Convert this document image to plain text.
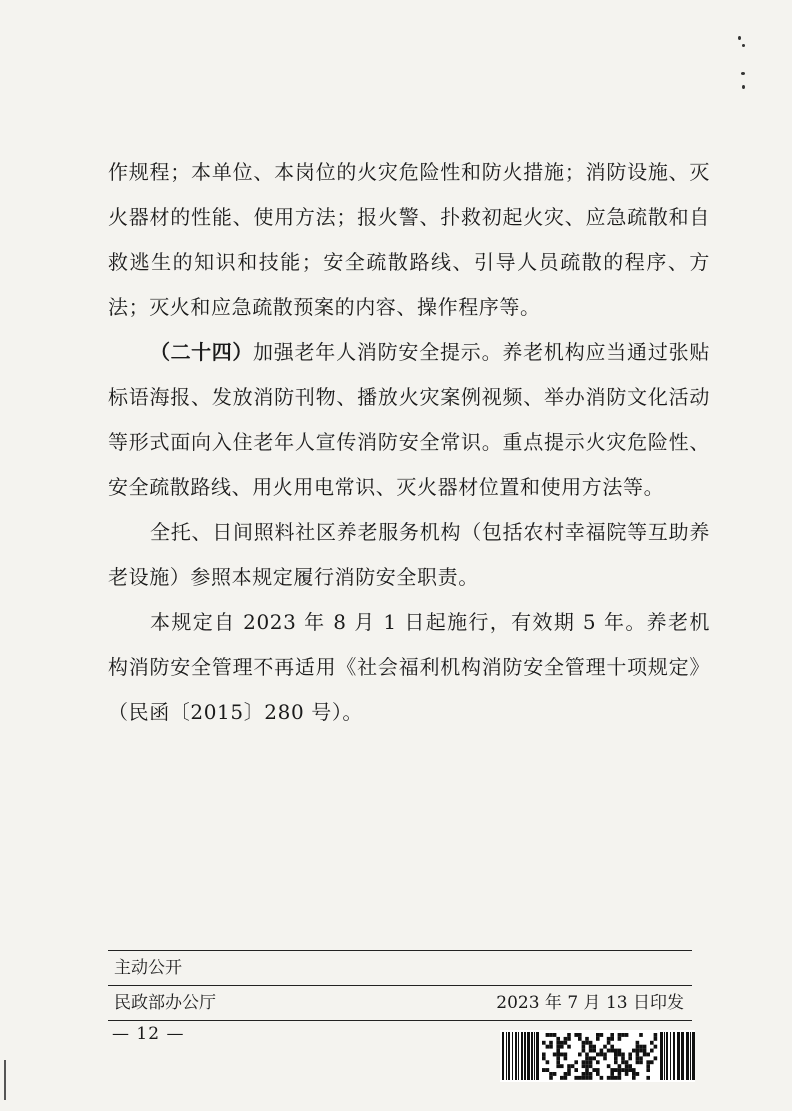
作规程；本单位、本岗位的火灾危险性和防火措施；消防设施、灭火器材的性能、使用方法；报火警、扑救初起火灾、应急疏散和自救逃生的知识和技能；安全疏散路线、引导人员疏散的程序、方法；灭火和应急疏散预案的内容、操作程序等。

（二十四）加强老年人消防安全提示。养老机构应当通过张贴标语海报、发放消防刊物、播放火灾案例视频、举办消防文化活动等形式面向入住老年人宣传消防安全常识。重点提示火灾危险性、安全疏散路线、用火用电常识、灭火器材位置和使用方法等。

全托、日间照料社区养老服务机构（包括农村幸福院等互助养老设施）参照本规定履行消防安全职责。

本规定自 2023 年 8 月 1 日起施行，有效期 5 年。养老机构消防安全管理不再适用《社会福利机构消防安全管理十项规定》（民函〔2015〕280 号）。

主动公开
民政部办公厅	2023 年 7 月 13 日印发
— 12 —
